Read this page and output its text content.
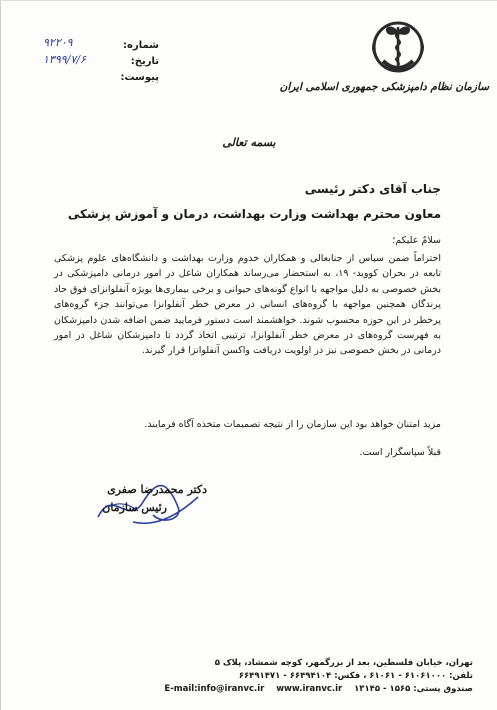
سازمان نظام دامپزشکی جمهوری اسلامی ایران
شماره:
۹۲۲۰۹
تاریخ:
۱۳۹۹/۷/۶
پیوست:
بسمه تعالی
جناب آقای دکتر رئیسی
معاون محترم بهداشت وزارت بهداشت، درمان و آموزش پزشکی
سلامٌ علیکم؛

احتراماً ضمن سپاس از جنابعالی و همکاران خدوم وزارت بهداشت و دانشگاه‌های علوم پزشکی تابعه در بحران کووید- ۱۹، به استحضار می‌رساند همکاران شاغل در امور درمانی دامپزشکی در بخش خصوصی به دلیل مواجهه با انواع گونه‌های حیوانی و برخی بیماری‌ها بویژه آنفلوانزای فوق حاد پرندگان همچنین مواجهه با گروه‌های انسانی در معرض خطر آنفلوانزا می‌توانند جزء گروه‌های پرخطر در این حوزه محسوب شوند. خواهشمند است دستور فرمایید ضمن اضافه شدن دامپزشکان به فهرست گروه‌های در معرض خطر آنفلوانزا، ترتیبی اتخاذ گردد تا دامپزشکان شاغل در امور درمانی در بخش خصوصی نیز در اولویت دریافت واکسن آنفلوانزا قرار گیرند.

مزید امتنان خواهد بود این سازمان را از نتیجه تصمیمات متخذه آگاه فرمایند.
قبلاً سپاسگزار است.
دکتر محمدرضا صفری
رئیس سازمان
تهران، خیابان فلسطین، بعد از بزرگمهر، کوچه شمشاد، پلاک ۵
تلفن: ۶۱۰۶۱۰۰۰ - ۶۱۰۶۱ ، فکس: ۶۶۴۹۴۱۰۴ - ۶۶۴۹۱۴۷۱
صندوق پستی: ۱۵۶۵ - ۱۳۱۴۵    E-mail:info@iranvc.ir www.iranvc.ir
